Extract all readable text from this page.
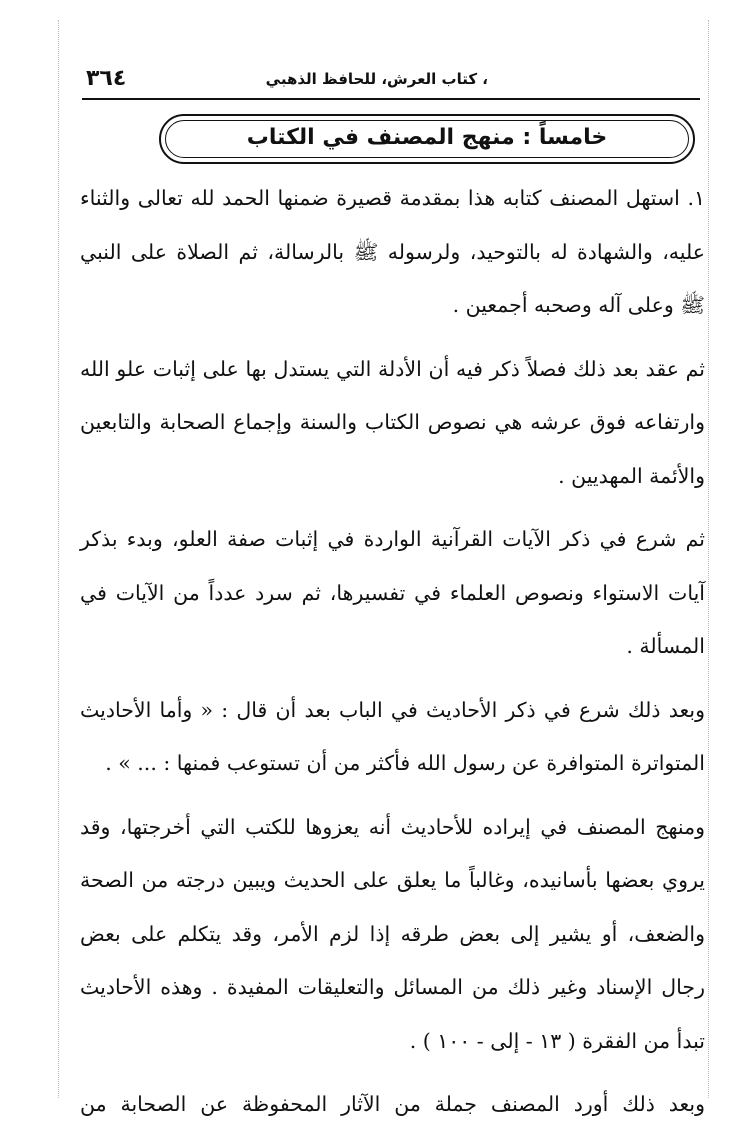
، كتاب العرش، للحافظ الذهبي
٣٦٤
خامساً : منهج المصنف في الكتاب

١. استهل المصنف كتابه هذا بمقدمة قصيرة ضمنها الحمد لله تعالى والثناء عليه، والشهادة له بالتوحيد، ولرسوله ﷺ بالرسالة، ثم الصلاة على النبي ﷺ وعلى آله وصحبه أجمعين .

ثم عقد بعد ذلك فصلاً ذكر فيه أن الأدلة التي يستدل بها على إثبات علو الله وارتفاعه فوق عرشه هي نصوص الكتاب والسنة وإجماع الصحابة والتابعين والأئمة المهديين .

ثم شرع في ذكر الآيات القرآنية الواردة في إثبات صفة العلو، وبدء بذكر آيات الاستواء ونصوص العلماء في تفسيرها، ثم سرد عدداً من الآيات في المسألة .

وبعد ذلك شرع في ذكر الأحاديث في الباب بعد أن قال : « وأما الأحاديث المتواترة المتوافرة عن رسول الله فأكثر من أن تستوعب فمنها : ... » .

ومنهج المصنف في إيراده للأحاديث أنه يعزوها للكتب التي أخرجتها، وقد يروي بعضها بأسانيده، وغالباً ما يعلق على الحديث ويبين درجته من الصحة والضعف، أو يشير إلى بعض طرقه إذا لزم الأمر، وقد يتكلم على بعض رجال الإسناد وغير ذلك من المسائل والتعليقات المفيدة . وهذه الأحاديث تبدأ من الفقرة ( ١٣ - إلى - ١٠٠ ) .

وبعد ذلك أورد المصنف جملة من الآثار المحفوظة عن الصحابة من
